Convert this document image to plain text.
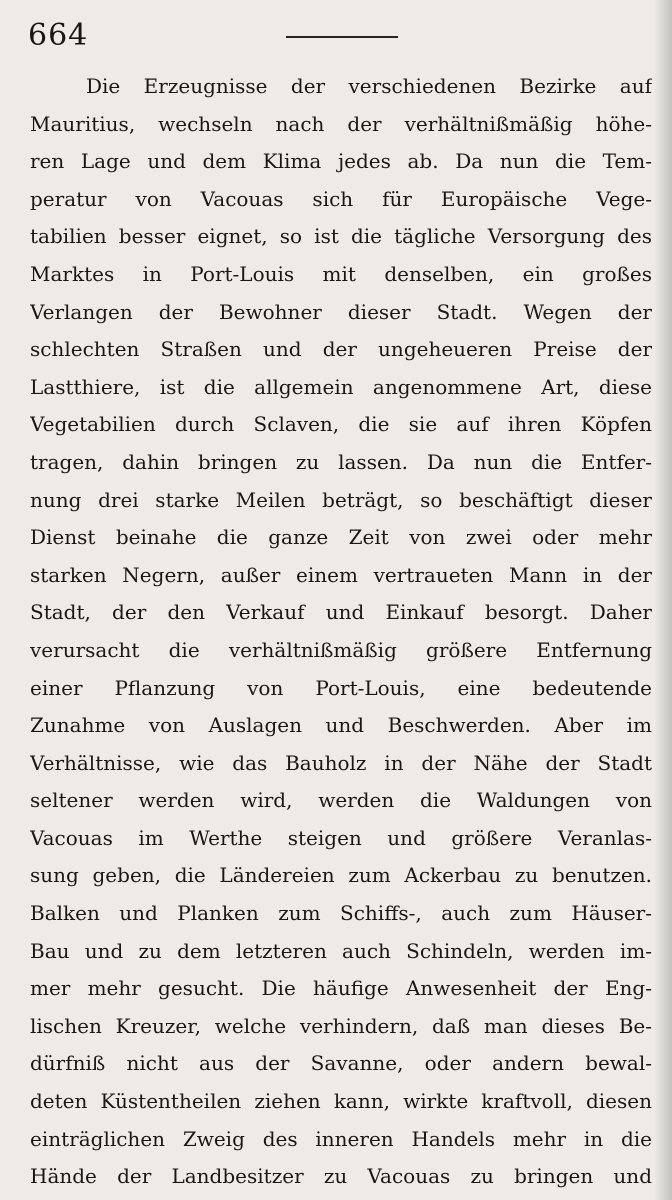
664
Die Erzeugnisse der verschiedenen Bezirke auf
Mauritius, wechseln nach der verhältnißmäßig höhe-
ren Lage und dem Klima jedes ab. Da nun die Tem-
peratur von Vacouas sich für Europäische Vege-
tabilien besser eignet, so ist die tägliche Versorgung des
Marktes in Port-Louis mit denselben, ein großes
Verlangen der Bewohner dieser Stadt. Wegen der
schlechten Straßen und der ungeheueren Preise der
Lastthiere, ist die allgemein angenommene Art, diese
Vegetabilien durch Sclaven, die sie auf ihren Köpfen
tragen, dahin bringen zu lassen. Da nun die Entfer-
nung drei starke Meilen beträgt, so beschäftigt dieser
Dienst beinahe die ganze Zeit von zwei oder mehr
starken Negern, außer einem vertraueten Mann in der
Stadt, der den Verkauf und Einkauf besorgt. Daher
verursacht die verhältnißmäßig größere Entfernung
einer Pflanzung von Port-Louis, eine bedeutende
Zunahme von Auslagen und Beschwerden. Aber im
Verhältnisse, wie das Bauholz in der Nähe der Stadt
seltener werden wird, werden die Waldungen von
Vacouas im Werthe steigen und größere Veranlas-
sung geben, die Ländereien zum Ackerbau zu benutzen.
Balken und Planken zum Schiffs-, auch zum Häuser-
Bau und zu dem letzteren auch Schindeln, werden im-
mer mehr gesucht. Die häufige Anwesenheit der Eng-
lischen Kreuzer, welche verhindern, daß man dieses Be-
dürfniß nicht aus der Savanne, oder andern bewal-
deten Küstentheilen ziehen kann, wirkte kraftvoll, diesen
einträglichen Zweig des inneren Handels mehr in die
Hände der Landbesitzer zu Vacouas zu bringen und
